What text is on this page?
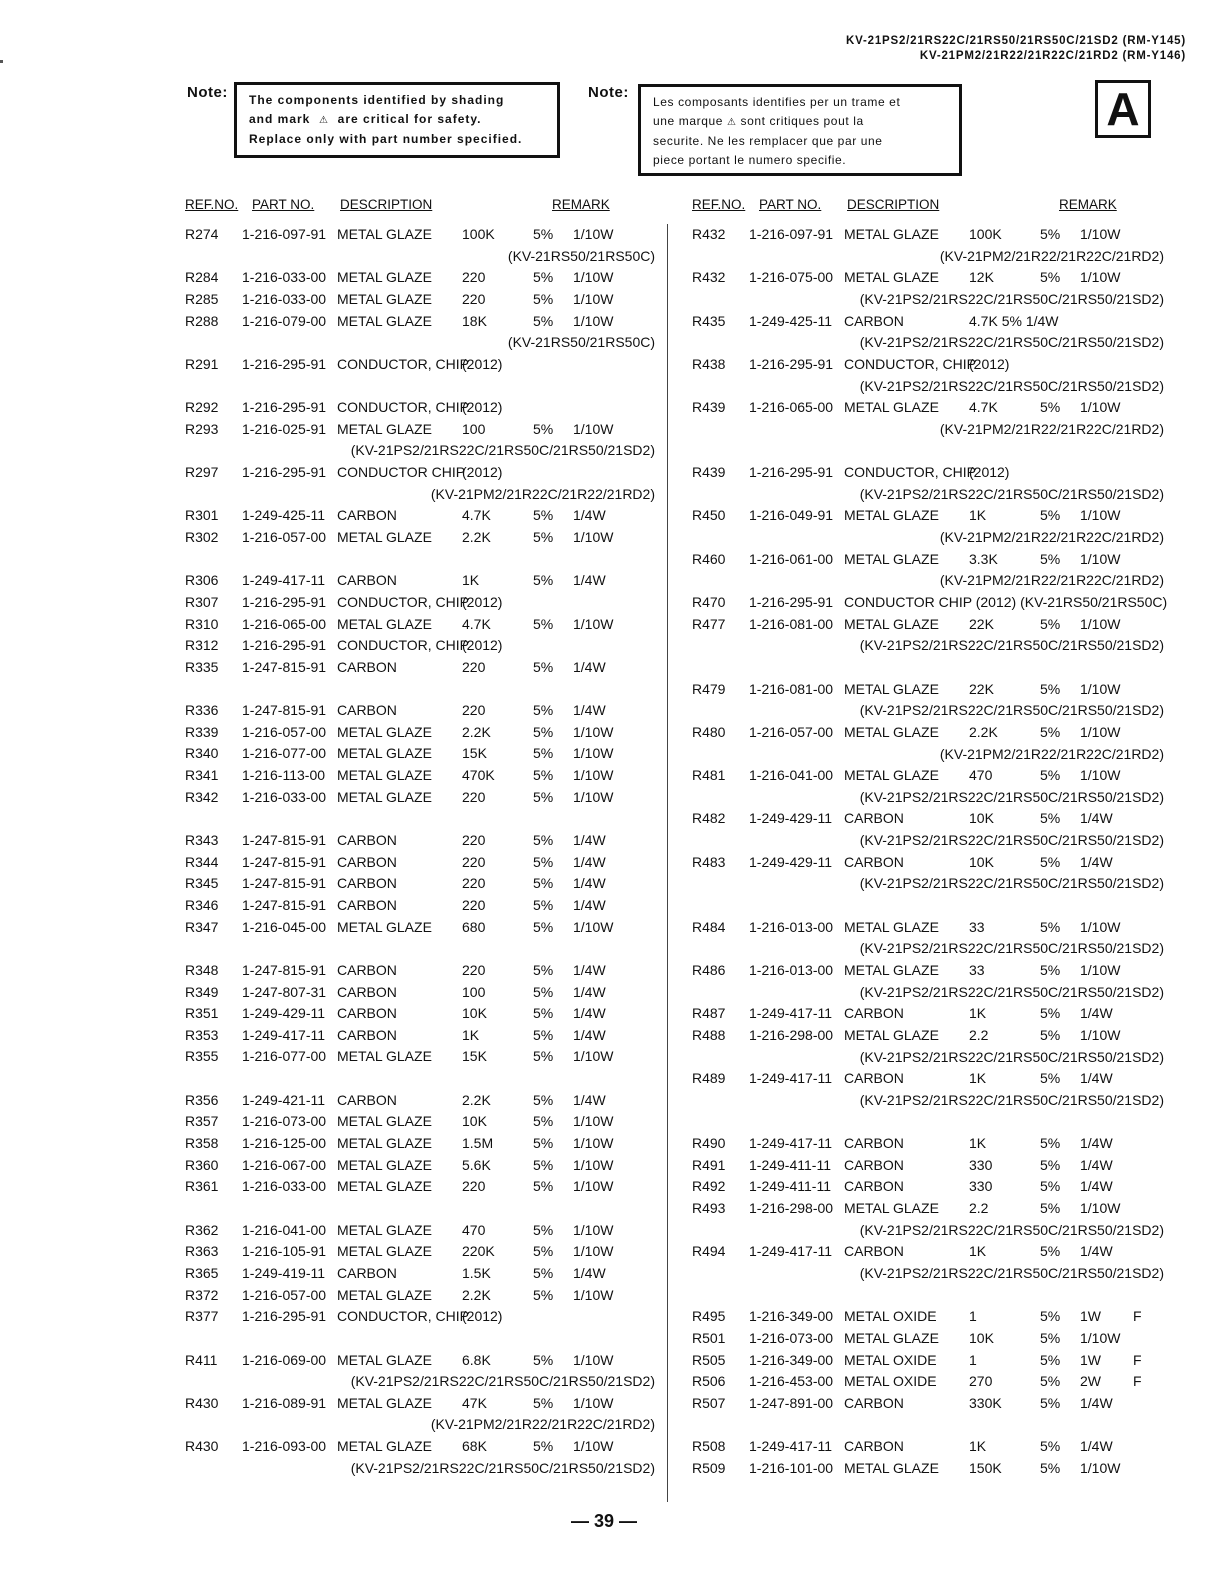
KV-21PS2/21RS22C/21RS50/21RS50C/21SD2 (RM-Y145)
KV-21PM2/21R22/21R22C/21RD2 (RM-Y146)
Note: The components identified by shading
and mark ⚠ are critical for safety.
Replace only with part number specified.
Note:
Les composants identifies per un trame et
une marque ⚠ sont critiques pout la
securite. Ne les remplacer que par une
piece portant le numero specifie.
A
REF.NO. PART NO. DESCRIPTION	REMARK
R274 1-216-097-91 METAL GLAZE 100K	5% 1/10W
(KV-21RS50/21RS50C)
R284 1-216-033-00 METAL GLAZE 220	5% 1/10W
R285 1-216-033-00 METAL GLAZE 220	5% 1/10W
R288 1-216-079-00 METAL GLAZE 18K	5% 1/10W
(KV-21RS50/21RS50C)
R291 1-216-295-91 CONDUCTOR, CHIP
(2012)
R292 1-216-295-91 CONDUCTOR, CHIP
(2012)
R293 1-216-025-91 METAL GLAZE 100	5% 1/10W
(KV-21PS2/21RS22C/21RS50C/21RS50/21SD2)
R297 1-216-295-91 CONDUCTOR CHIP
(2012)
(KV-21PM2/21R22C/21R22/21RD2)
R301 1-249-425-11 CARBON	4.7K	5% 1/4W
R302 1-216-057-00 METAL GLAZE 2.2K	5% 1/10W
R306 1-249-417-11 CARBON	1K	5% 1/4W
R307 1-216-295-91 CONDUCTOR, CHIP
(2012)
R310 1-216-065-00 METAL GLAZE 4.7K	5% 1/10W
R312 1-216-295-91 CONDUCTOR, CHIP
(2012)
R335 1-247-815-91 CARBON	220	5% 1/4W
R336 1-247-815-91 CARBON	220	5% 1/4W
R339 1-216-057-00 METAL GLAZE 2.2K	5% 1/10W
R340 1-216-077-00 METAL GLAZE 15K	5% 1/10W
R341 1-216-113-00 METAL GLAZE 470K	5% 1/10W
R342 1-216-033-00 METAL GLAZE 220	5% 1/10W
R343 1-247-815-91 CARBON	220	5% 1/4W
R344 1-247-815-91 CARBON	220	5% 1/4W
R345 1-247-815-91 CARBON	220	5% 1/4W
R346 1-247-815-91 CARBON	220	5% 1/4W
R347 1-216-045-00 METAL GLAZE 680	5% 1/10W
R348 1-247-815-91 CARBON	220	5% 1/4W
R349 1-247-807-31 CARBON	100	5% 1/4W
R351 1-249-429-11 CARBON	10K	5% 1/4W
R353 1-249-417-11 CARBON	1K	5% 1/4W
R355 1-216-077-00 METAL GLAZE 15K	5% 1/10W
R356 1-249-421-11 CARBON	2.2K	5% 1/4W
R357 1-216-073-00 METAL GLAZE 10K	5% 1/10W
R358 1-216-125-00 METAL GLAZE 1.5M	5% 1/10W
R360 1-216-067-00 METAL GLAZE 5.6K	5% 1/10W
R361 1-216-033-00 METAL GLAZE 220	5% 1/10W
R362 1-216-041-00 METAL GLAZE 470	5% 1/10W
R363 1-216-105-91 METAL GLAZE 220K	5% 1/10W
R365 1-249-419-11 CARBON	1.5K	5% 1/4W
R372 1-216-057-00 METAL GLAZE 2.2K	5% 1/10W
R377 1-216-295-91 CONDUCTOR, CHIP
(2012)
R411 1-216-069-00 METAL GLAZE 6.8K	5% 1/10W
(KV-21PS2/21RS22C/21RS50C/21RS50/21SD2)
R430 1-216-089-91 METAL GLAZE 47K	5% 1/10W
(KV-21PM2/21R22/21R22C/21RD2)
R430 1-216-093-00 METAL GLAZE 68K	5% 1/10W
(KV-21PS2/21RS22C/21RS50C/21RS50/21SD2)
REF.NO. PART NO. DESCRIPTION	REMARK
R432 1-216-097-91 METAL GLAZE 100K	5% 1/10W
(KV-21PM2/21R22/21R22C/21RD2)
R432 1-216-075-00 METAL GLAZE 12K	5% 1/10W
(KV-21PS2/21RS22C/21RS50C/21RS50/21SD2)
R435 1-249-425-11 CARBON	4.7K 5% 1/4W
(KV-21PS2/21RS22C/21RS50C/21RS50/21SD2)
R438 1-216-295-91 CONDUCTOR, CHIP
(2012)
(KV-21PS2/21RS22C/21RS50C/21RS50/21SD2)
R439 1-216-065-00 METAL GLAZE 4.7K	5% 1/10W
(KV-21PM2/21R22/21R22C/21RD2)
R439 1-216-295-91 CONDUCTOR, CHIP
(2012)
(KV-21PS2/21RS22C/21RS50C/21RS50/21SD2)
R450 1-216-049-91 METAL GLAZE 1K	5% 1/10W
(KV-21PM2/21R22/21R22C/21RD2)
R460 1-216-061-00 METAL GLAZE 3.3K	5% 1/10W
(KV-21PM2/21R22/21R22C/21RD2)
R470 1-216-295-91 CONDUCTOR CHIP (2012) (KV-21RS50/21RS50C)
R477 1-216-081-00 METAL GLAZE 22K	5% 1/10W
(KV-21PS2/21RS22C/21RS50C/21RS50/21SD2)
R479 1-216-081-00 METAL GLAZE 22K	5% 1/10W
(KV-21PS2/21RS22C/21RS50C/21RS50/21SD2)
R480 1-216-057-00 METAL GLAZE 2.2K	5% 1/10W
(KV-21PM2/21R22/21R22C/21RD2)
R481 1-216-041-00 METAL GLAZE 470	5% 1/10W
(KV-21PS2/21RS22C/21RS50C/21RS50/21SD2)
R482 1-249-429-11 CARBON	10K	5% 1/4W
(KV-21PS2/21RS22C/21RS50C/21RS50/21SD2)
R483 1-249-429-11 CARBON	10K	5% 1/4W
(KV-21PS2/21RS22C/21RS50C/21RS50/21SD2)
R484 1-216-013-00 METAL GLAZE 33	5% 1/10W
(KV-21PS2/21RS22C/21RS50C/21RS50/21SD2)
R486 1-216-013-00 METAL GLAZE 33	5% 1/10W
(KV-21PS2/21RS22C/21RS50C/21RS50/21SD2)
R487 1-249-417-11 CARBON	1K	5% 1/4W
R488 1-216-298-00 METAL GLAZE 2.2	5% 1/10W
(KV-21PS2/21RS22C/21RS50C/21RS50/21SD2)
R489 1-249-417-11 CARBON	1K	5% 1/4W
(KV-21PS2/21RS22C/21RS50C/21RS50/21SD2)
R490 1-249-417-11 CARBON	1K	5% 1/4W
R491 1-249-411-11 CARBON	330	5% 1/4W
R492 1-249-411-11 CARBON	330	5% 1/4W
R493 1-216-298-00 METAL GLAZE 2.2	5% 1/10W
(KV-21PS2/21RS22C/21RS50C/21RS50/21SD2)
R494 1-249-417-11 CARBON	1K	5% 1/4W
(KV-21PS2/21RS22C/21RS50C/21RS50/21SD2)
R495 1-216-349-00 METAL OXIDE 1	5% 1W F
R501 1-216-073-00 METAL GLAZE 10K	5% 1/10W
R505 1-216-349-00 METAL OXIDE 1	5% 1W F
R506 1-216-453-00 METAL OXIDE 270	5% 2W F
R507 1-247-891-00 CARBON	330K	5% 1/4W
R508 1-249-417-11 CARBON	1K	5% 1/4W
R509 1-216-101-00 METAL GLAZE 150K	5% 1/10W
— 39 —
